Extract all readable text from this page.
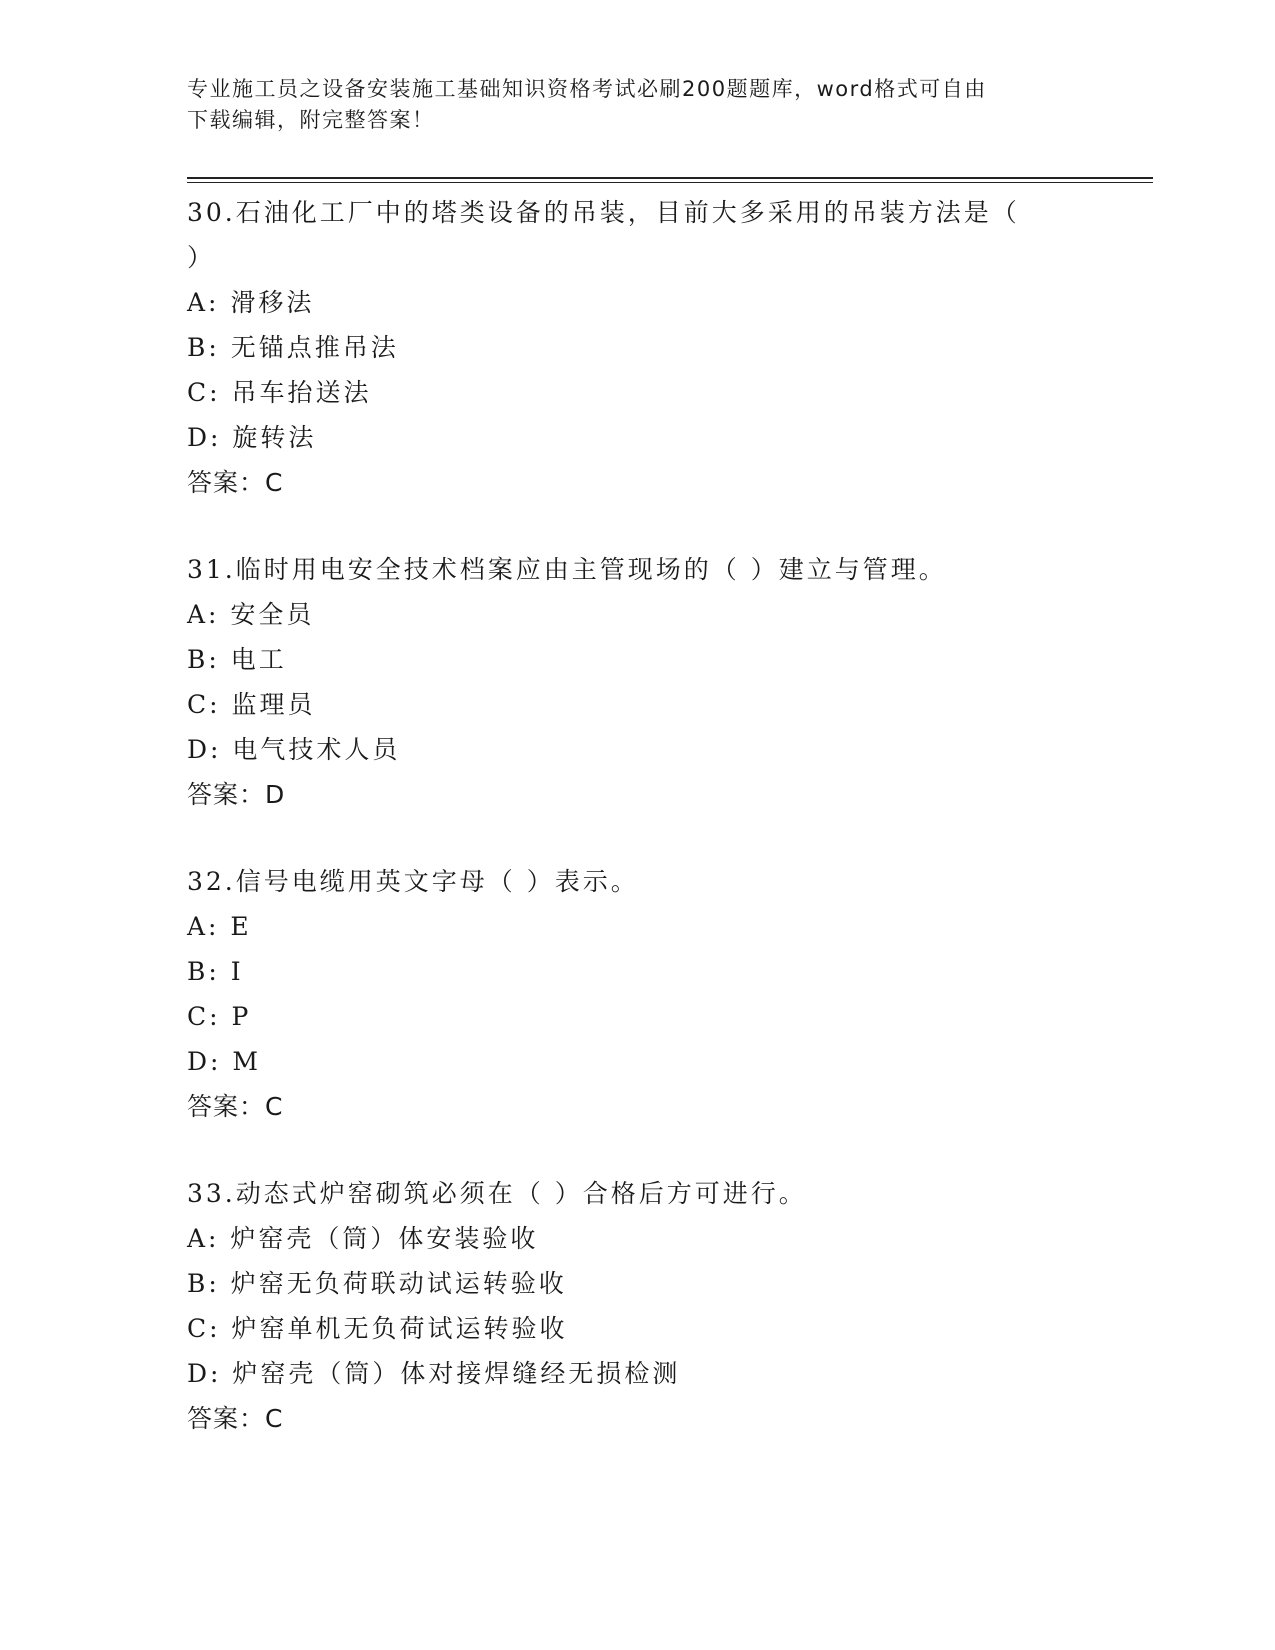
专业施工员之设备安装施工基础知识资格考试必刷200题题库，word格式可自由
下载编辑，附完整答案！

30.石油化工厂中的塔类设备的吊装，目前大多采用的吊装方法是（

）

A: 滑移法

B: 无锚点推吊法

C: 吊车抬送法

D: 旋转法

答案：C

31.临时用电安全技术档案应由主管现场的（ ）建立与管理。

A: 安全员

B: 电工

C: 监理员

D: 电气技术人员

答案：D

32.信号电缆用英文字母（ ）表示。

A: E

B: I

C: P

D: M

答案：C

33.动态式炉窑砌筑必须在（ ）合格后方可进行。

A: 炉窑壳（筒）体安装验收

B: 炉窑无负荷联动试运转验收

C: 炉窑单机无负荷试运转验收

D: 炉窑壳（筒）体对接焊缝经无损检测

答案：C
